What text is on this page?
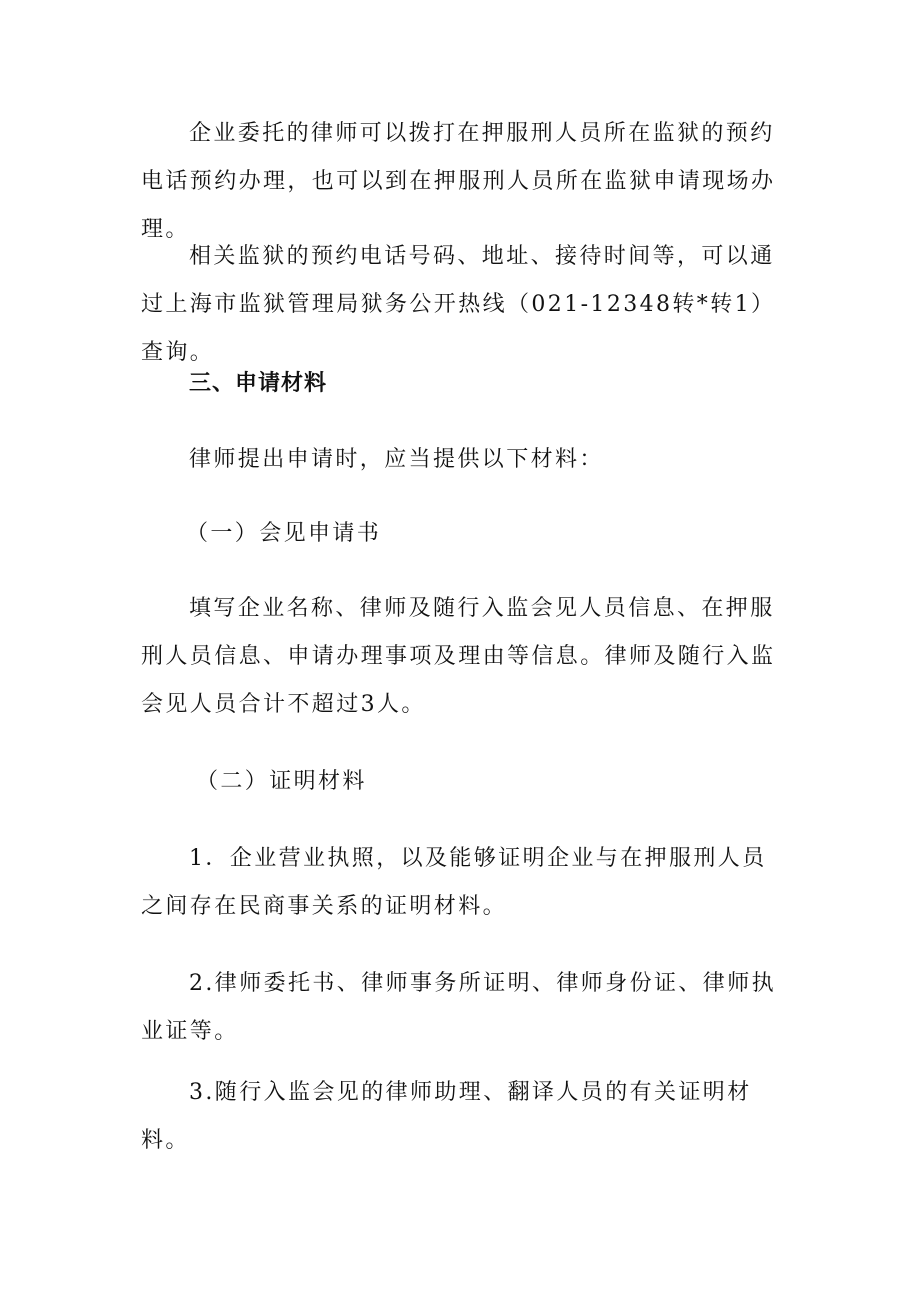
企业委托的律师可以拨打在押服刑人员所在监狱的预约电话预约办理，也可以到在押服刑人员所在监狱申请现场办理。

相关监狱的预约电话号码、地址、接待时间等，可以通过上海市监狱管理局狱务公开热线（021-12348转*转1）查询。

三、申请材料

律师提出申请时，应当提供以下材料：

（一）会见申请书

填写企业名称、律师及随行入监会见人员信息、在押服刑人员信息、申请办理事项及理由等信息。律师及随行入监会见人员合计不超过3人。

（二）证明材料

1．企业营业执照，以及能够证明企业与在押服刑人员之间存在民商事关系的证明材料。

2.律师委托书、律师事务所证明、律师身份证、律师执业证等。

3.随行入监会见的律师助理、翻译人员的有关证明材料。
